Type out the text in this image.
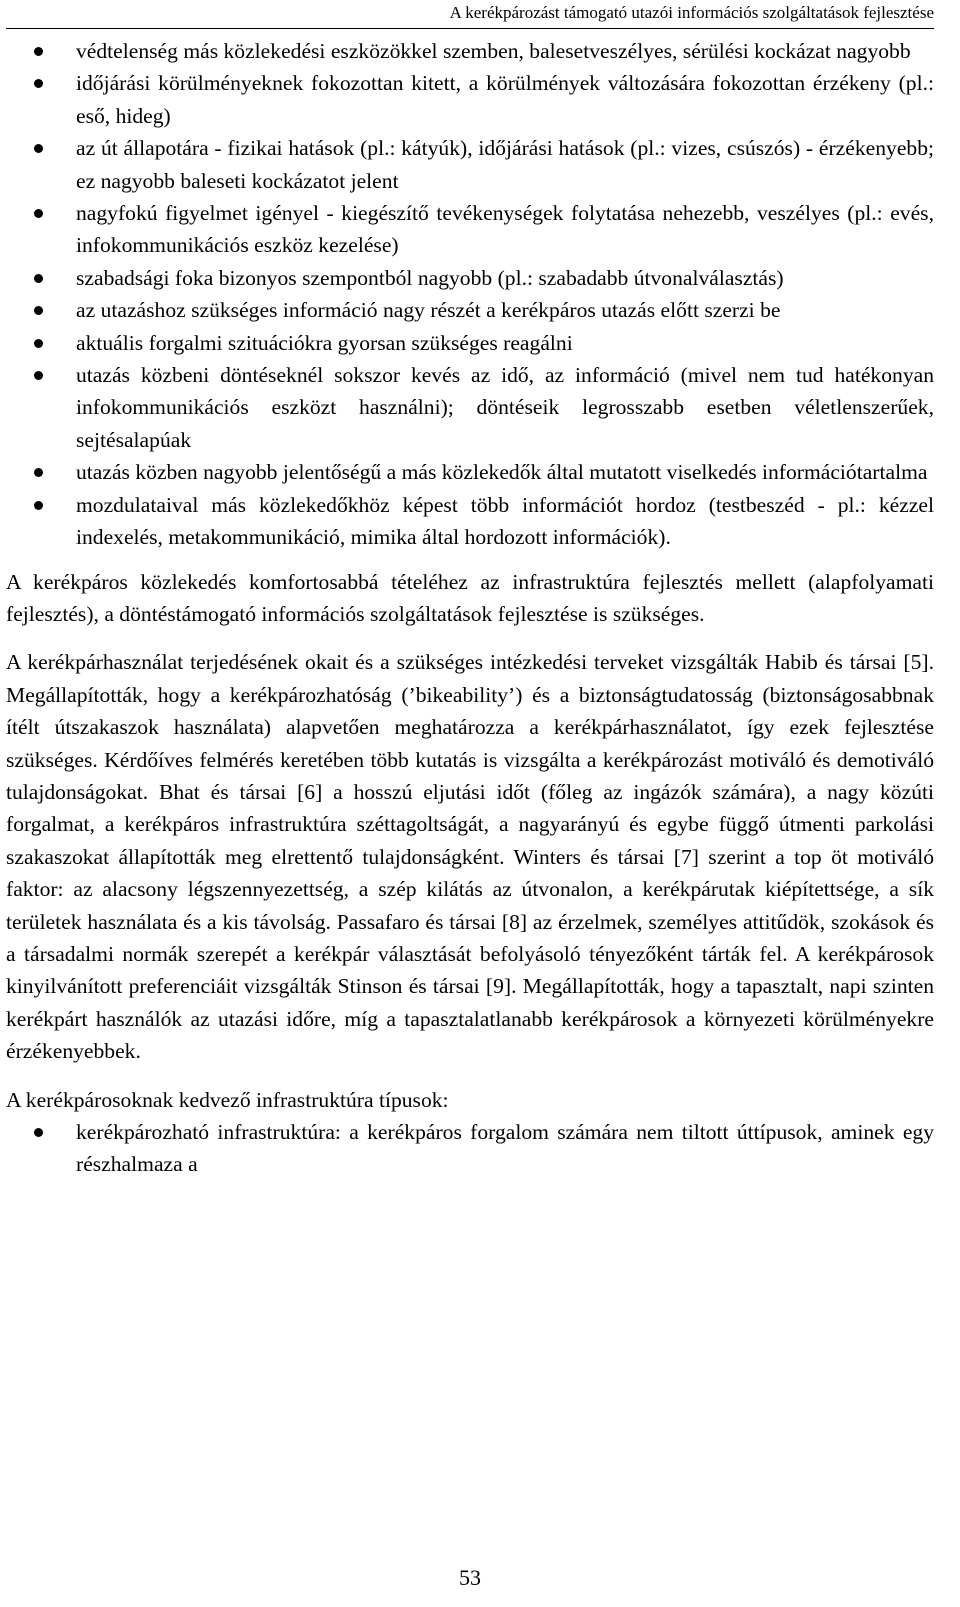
A kerékpározást támogató utazói információs szolgáltatások fejlesztése
védtelenség más közlekedési eszközökkel szemben, balesetveszélyes, sérülési kockázat nagyobb
időjárási körülményeknek fokozottan kitett, a körülmények változására fokozottan érzékeny (pl.: eső, hideg)
az út állapotára - fizikai hatások (pl.: kátyúk), időjárási hatások (pl.: vizes, csúszós) - érzékenyebb; ez nagyobb baleseti kockázatot jelent
nagyfokú figyelmet igényel - kiegészítő tevékenységek folytatása nehezebb, veszélyes (pl.: evés, infokommunikációs eszköz kezelése)
szabadsági foka bizonyos szempontból nagyobb (pl.: szabadabb útvonalválasztás)
az utazáshoz szükséges információ nagy részét a kerékpáros utazás előtt szerzi be
aktuális forgalmi szituációkra gyorsan szükséges reagálni
utazás közbeni döntéseknél sokszor kevés az idő, az információ (mivel nem tud hatékonyan infokommunikációs eszközt használni); döntéseik legrosszabb esetben véletlenszerűek, sejtésalapúak
utazás közben nagyobb jelentőségű a más közlekedők által mutatott viselkedés információtartalma
mozdulataival más közlekedőkhöz képest több információt hordoz (testbeszéd - pl.: kézzel indexelés, metakommunikáció, mimika által hordozott információk).

A kerékpáros közlekedés komfortosabbá tételéhez az infrastruktúra fejlesztés mellett (alapfolyamati fejlesztés), a döntéstámogató információs szolgáltatások fejlesztése is szükséges.

A kerékpárhasználat terjedésének okait és a szükséges intézkedési terveket vizsgálták Habib és társai [5]. Megállapították, hogy a kerékpározhatóság (’bikeability’) és a biztonságtudatosság (biztonságosabbnak ítélt útszakaszok használata) alapvetően meghatározza a kerékpárhasználatot, így ezek fejlesztése szükséges. Kérdőíves felmérés keretében több kutatás is vizsgálta a kerékpározást motiváló és demotiváló tulajdonságokat. Bhat és társai [6] a hosszú eljutási időt (főleg az ingázók számára), a nagy közúti forgalmat, a kerékpáros infrastruktúra széttagoltságát, a nagyarányú és egybe függő útmenti parkolási szakaszokat állapították meg elrettentő tulajdonságként. Winters és társai [7] szerint a top öt motiváló faktor: az alacsony légszennyezettség, a szép kilátás az útvonalon, a kerékpárutak kiépítettsége, a sík területek használata és a kis távolság. Passafaro és társai [8] az érzelmek, személyes attitűdök, szokások és a társadalmi normák szerepét a kerékpár választását befolyásoló tényezőként tárták fel. A kerékpárosok kinyilvánított preferenciáit vizsgálták Stinson és társai [9]. Megállapították, hogy a tapasztalt, napi szinten kerékpárt használók az utazási időre, míg a tapasztalatlanabb kerékpárosok a környezeti körülményekre érzékenyebbek.

A kerékpárosoknak kedvező infrastruktúra típusok:

kerékpározható infrastruktúra: a kerékpáros forgalom számára nem tiltott úttípusok, aminek egy részhalmaza a
53
